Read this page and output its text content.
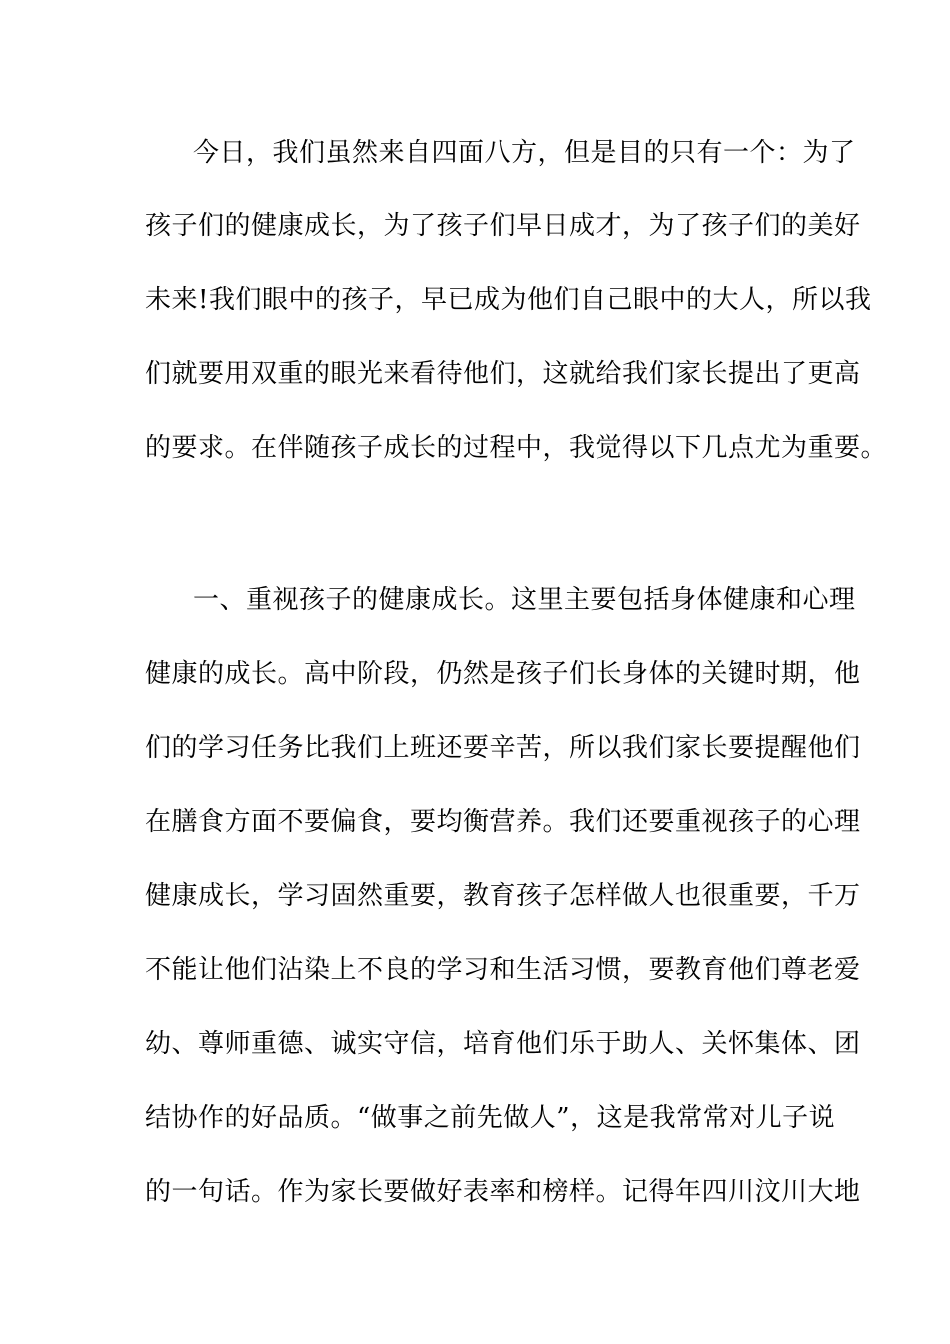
今日，我们虽然来自四面八方，但是目的只有一个：为了
孩子们的健康成长，为了孩子们早日成才，为了孩子们的美好
未来!我们眼中的孩子，早已成为他们自己眼中的大人，所以我
们就要用双重的眼光来看待他们，这就给我们家长提出了更高
的要求。在伴随孩子成长的过程中，我觉得以下几点尤为重要。
一、重视孩子的健康成长。这里主要包括身体健康和心理
健康的成长。高中阶段，仍然是孩子们长身体的关键时期，他
们的学习任务比我们上班还要辛苦，所以我们家长要提醒他们
在膳食方面不要偏食，要均衡营养。我们还要重视孩子的心理
健康成长，学习固然重要，教育孩子怎样做人也很重要，千万
不能让他们沾染上不良的学习和生活习惯，要教育他们尊老爱
幼、尊师重德、诚实守信，培育他们乐于助人、关怀集体、团
结协作的好品质。“做事之前先做人”，这是我常常对儿子说
的一句话。作为家长要做好表率和榜样。记得年四川汶川大地
